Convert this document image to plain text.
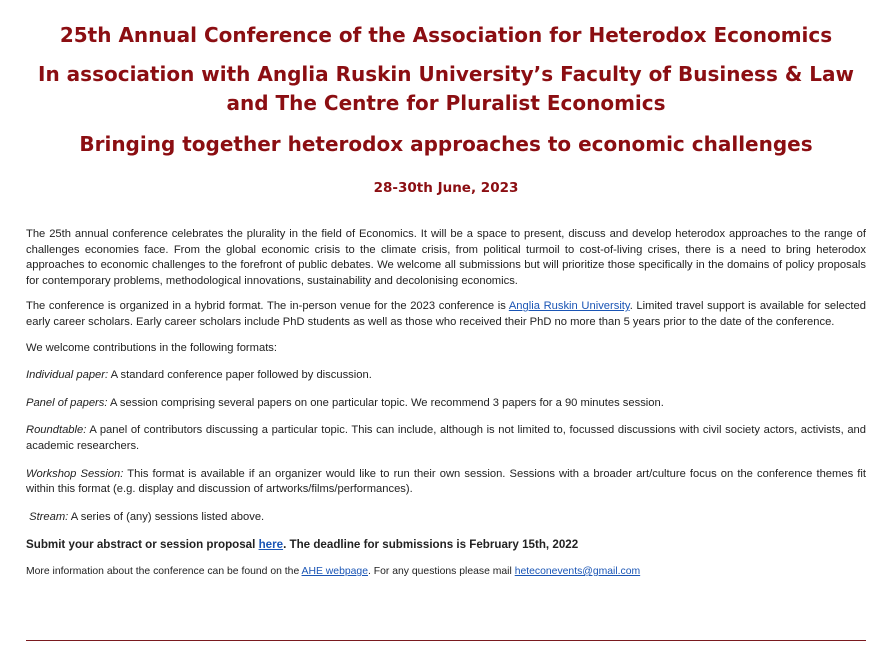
25th Annual Conference of the Association for Heterodox Economics
In association with Anglia Ruskin University’s Faculty of Business & Law and The Centre for Pluralist Economics
Bringing together heterodox approaches to economic challenges
28-30th June, 2023

The 25th annual conference celebrates the plurality in the field of Economics. It will be a space to present, discuss and develop heterodox approaches to the range of challenges economies face. From the global economic crisis to the climate crisis, from political turmoil to cost-of-living crises, there is a need to bring heterodox approaches to economic challenges to the forefront of public debates. We welcome all submissions but will prioritize those specifically in the domains of policy proposals for contemporary problems, methodological innovations, sustainability and decolonising economics.

The conference is organized in a hybrid format. The in-person venue for the 2023 conference is Anglia Ruskin University. Limited travel support is available for selected early career scholars. Early career scholars include PhD students as well as those who received their PhD no more than 5 years prior to the date of the conference.

We welcome contributions in the following formats:

Individual paper: A standard conference paper followed by discussion.

Panel of papers: A session comprising several papers on one particular topic. We recommend 3 papers for a 90 minutes session.

Roundtable: A panel of contributors discussing a particular topic. This can include, although is not limited to, focussed discussions with civil society actors, activists, and academic researchers.

Workshop Session: This format is available if an organizer would like to run their own session. Sessions with a broader art/culture focus on the conference themes fit within this format (e.g. display and discussion of artworks/films/performances).

Stream: A series of (any) sessions listed above.

Submit your abstract or session proposal here. The deadline for submissions is February 15th, 2022

More information about the conference can be found on the AHE webpage. For any questions please mail heteconevents@gmail.com
